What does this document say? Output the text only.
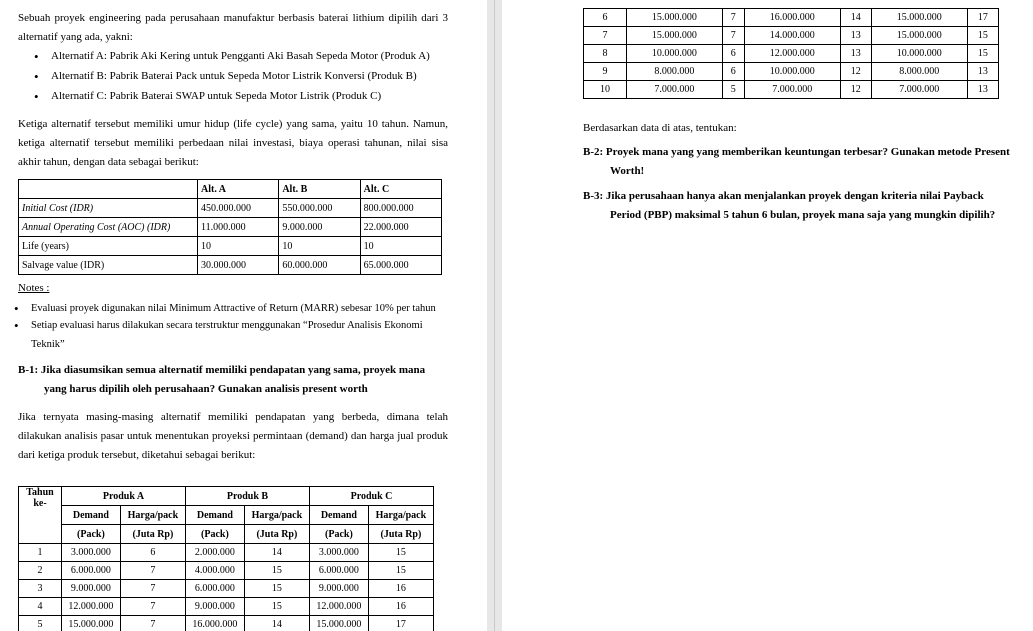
Sebuah proyek engineering pada perusahaan manufaktur berbasis baterai lithium dipilih dari 3 alternatif yang ada, yakni:
• Alternatif A: Pabrik Aki Kering untuk Pengganti Aki Basah Sepeda Motor (Produk A)
• Alternatif B: Pabrik Baterai Pack untuk Sepeda Motor Listrik Konversi (Produk B)
• Alternatif C: Pabrik Baterai SWAP untuk Sepeda Motor Listrik (Produk C)
Ketiga alternatif tersebut memiliki umur hidup (life cycle) yang sama, yaitu 10 tahun. Namun, ketiga alternatif tersebut memiliki perbedaan nilai investasi, biaya operasi tahunan, nilai sisa akhir tahun, dengan data sebagai berikut:
	Alt. A	Alt. B	Alt. C
Initial Cost (IDR)	450.000.000	550.000.000	800.000.000
Annual Operating Cost (AOC) (IDR)	11.000.000	9.000.000	22.000.000
Life (years)	10	10	10
Salvage value (IDR)	30.000.000	60.000.000	65.000.000
Notes :
• Evaluasi proyek digunakan nilai Minimum Attractive of Return (MARR) sebesar 10% per tahun
• Setiap evaluasi harus dilakukan secara terstruktur menggunakan “Prosedur Analisis Ekonomi Teknik”
B-1: Jika diasumsikan semua alternatif memiliki pendapatan yang sama, proyek mana
yang harus dipilih oleh perusahaan? Gunakan analisis present worth
Jika ternyata masing-masing alternatif memiliki pendapatan yang berbeda, dimana telah dilakukan analisis pasar untuk menentukan proyeksi permintaan (demand) dan harga jual produk dari ketiga produk tersebut, diketahui sebagai berikut:
Tahun ke-	Produk A		Produk B		Produk C	
	Demand	Harga/pack	Demand	Harga/pack	Demand	Harga/pack
	(Pack)	(Juta Rp)	(Pack)	(Juta Rp)	(Pack)	(Juta Rp)
1	3.000.000	6	2.000.000	14	3.000.000	15
2	6.000.000	7	4.000.000	15	6.000.000	15
3	9.000.000	7	6.000.000	15	9.000.000	16
4	12.000.000	7	9.000.000	15	12.000.000	16
5	15.000.000	7	16.000.000	14	15.000.000	17
6	15.000.000	7	16.000.000	14	15.000.000	17
7	15.000.000	7	14.000.000	13	15.000.000	15
8	10.000.000	6	12.000.000	13	10.000.000	15
9	8.000.000	6	10.000.000	12	8.000.000	13
10	7.000.000	5	7.000.000	12	7.000.000	13
Berdasarkan data di atas, tentukan:
B-2: Proyek mana yang yang memberikan keuntungan terbesar? Gunakan metode Present
Worth!
B-3: Jika perusahaan hanya akan menjalankan proyek dengan kriteria nilai Payback
Period (PBP) maksimal 5 tahun 6 bulan, proyek mana saja yang mungkin dipilih?
